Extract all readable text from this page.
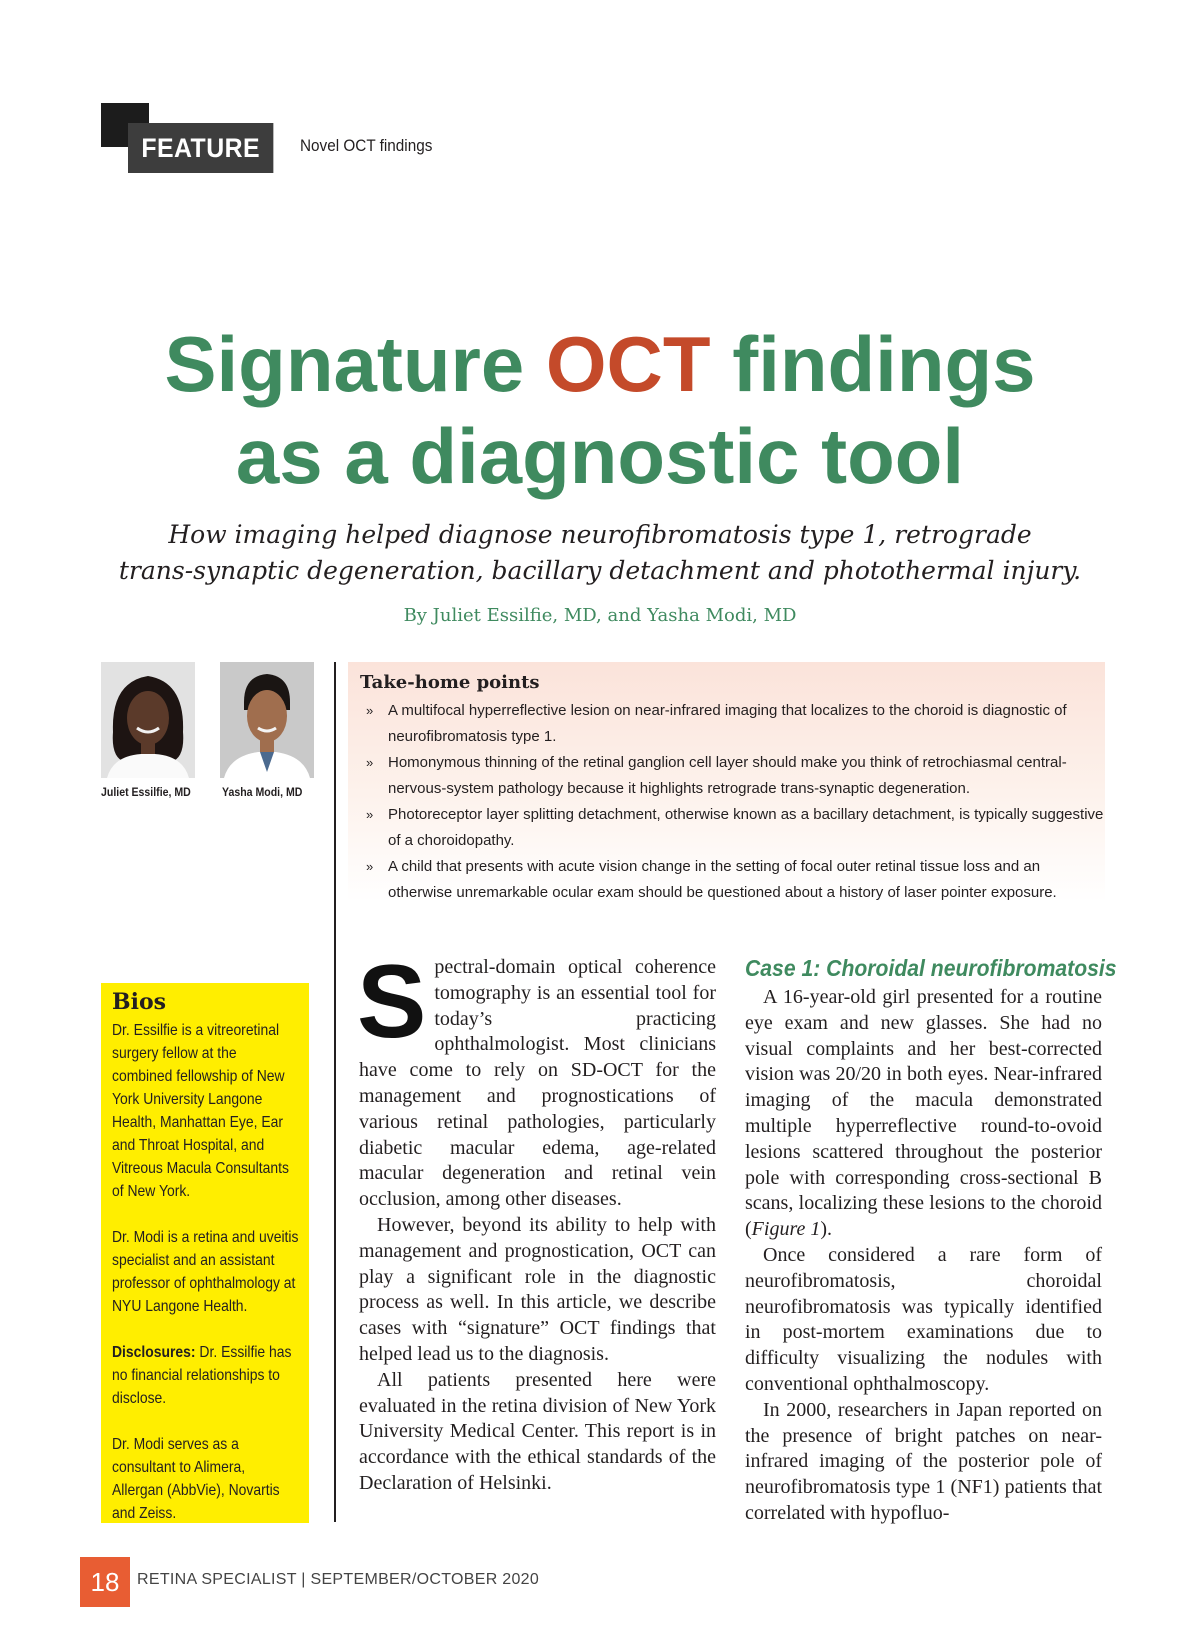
FEATURE	Novel OCT findings
Signature OCT findings
as a diagnostic tool
How imaging helped diagnose neurofibromatosis type 1, retrograde
trans-synaptic degeneration, bacillary detachment and photothermal injury.
By Juliet Essilfie, MD, and Yasha Modi, MD
Juliet Essilfie, MD	Yasha Modi, MD
Take-home points
» A multifocal hyperreflective lesion on near-infrared imaging that localizes to the choroid is diagnostic of neurofibromatosis type 1.
» Homonymous thinning of the retinal ganglion cell layer should make you think of retrochiasmal central-nervous-system pathology because it highlights retrograde trans-synaptic degeneration.
» Photoreceptor layer splitting detachment, otherwise known as a bacillary detachment, is typically suggestive of a choroidopathy.
» A child that presents with acute vision change in the setting of focal outer retinal tissue loss and an otherwise unremarkable ocular exam should be questioned about a history of laser pointer exposure.
Bios

Dr. Essilfie is a vitreoretinal surgery fellow at the combined fellowship of New York University Langone Health, Manhattan Eye, Ear and Throat Hospital, and Vitreous Macula Consultants of New York.

Dr. Modi is a retina and uveitis specialist and an assistant professor of ophthalmology at NYU Langone Health.

Disclosures: Dr. Essilfie has no financial relationships to disclose.

Dr. Modi serves as a consultant to Alimera, Allergan (AbbVie), Novartis and Zeiss.

Spectral-domain optical coherence tomography is an essential tool for today’s practicing ophthalmologist. Most clinicians have come to rely on SD-OCT for the management and prognostications of various retinal pathologies, particularly diabetic macular edema, age-related macular degeneration and retinal vein occlusion, among other diseases.

However, beyond its ability to help with management and prognostication, OCT can play a significant role in the diagnostic process as well. In this article, we describe cases with “signature” OCT findings that helped lead us to the diagnosis.

All patients presented here were evaluated in the retina division of New York University Medical Center. This report is in accordance with the ethical standards of the Declaration of Helsinki.

Case 1: Choroidal neurofibromatosis

A 16-year-old girl presented for a routine eye exam and new glasses. She had no visual complaints and her best-corrected vision was 20/20 in both eyes. Near-infrared imaging of the macula demonstrated multiple hyperreflective round-to-ovoid lesions scattered throughout the posterior pole with corresponding cross-sectional B scans, localizing these lesions to the choroid (Figure 1).

Once considered a rare form of neurofibromatosis, choroidal neurofibromatosis was typically identified in post-mortem examinations due to difficulty visualizing the nodules with conventional ophthalmoscopy.

In 2000, researchers in Japan reported on the presence of bright patches on near-infrared imaging of the posterior pole of neurofibromatosis type 1 (NF1) patients that correlated with hypofluo-

18	RETINA SPECIALIST | SEPTEMBER/OCTOBER 2020
